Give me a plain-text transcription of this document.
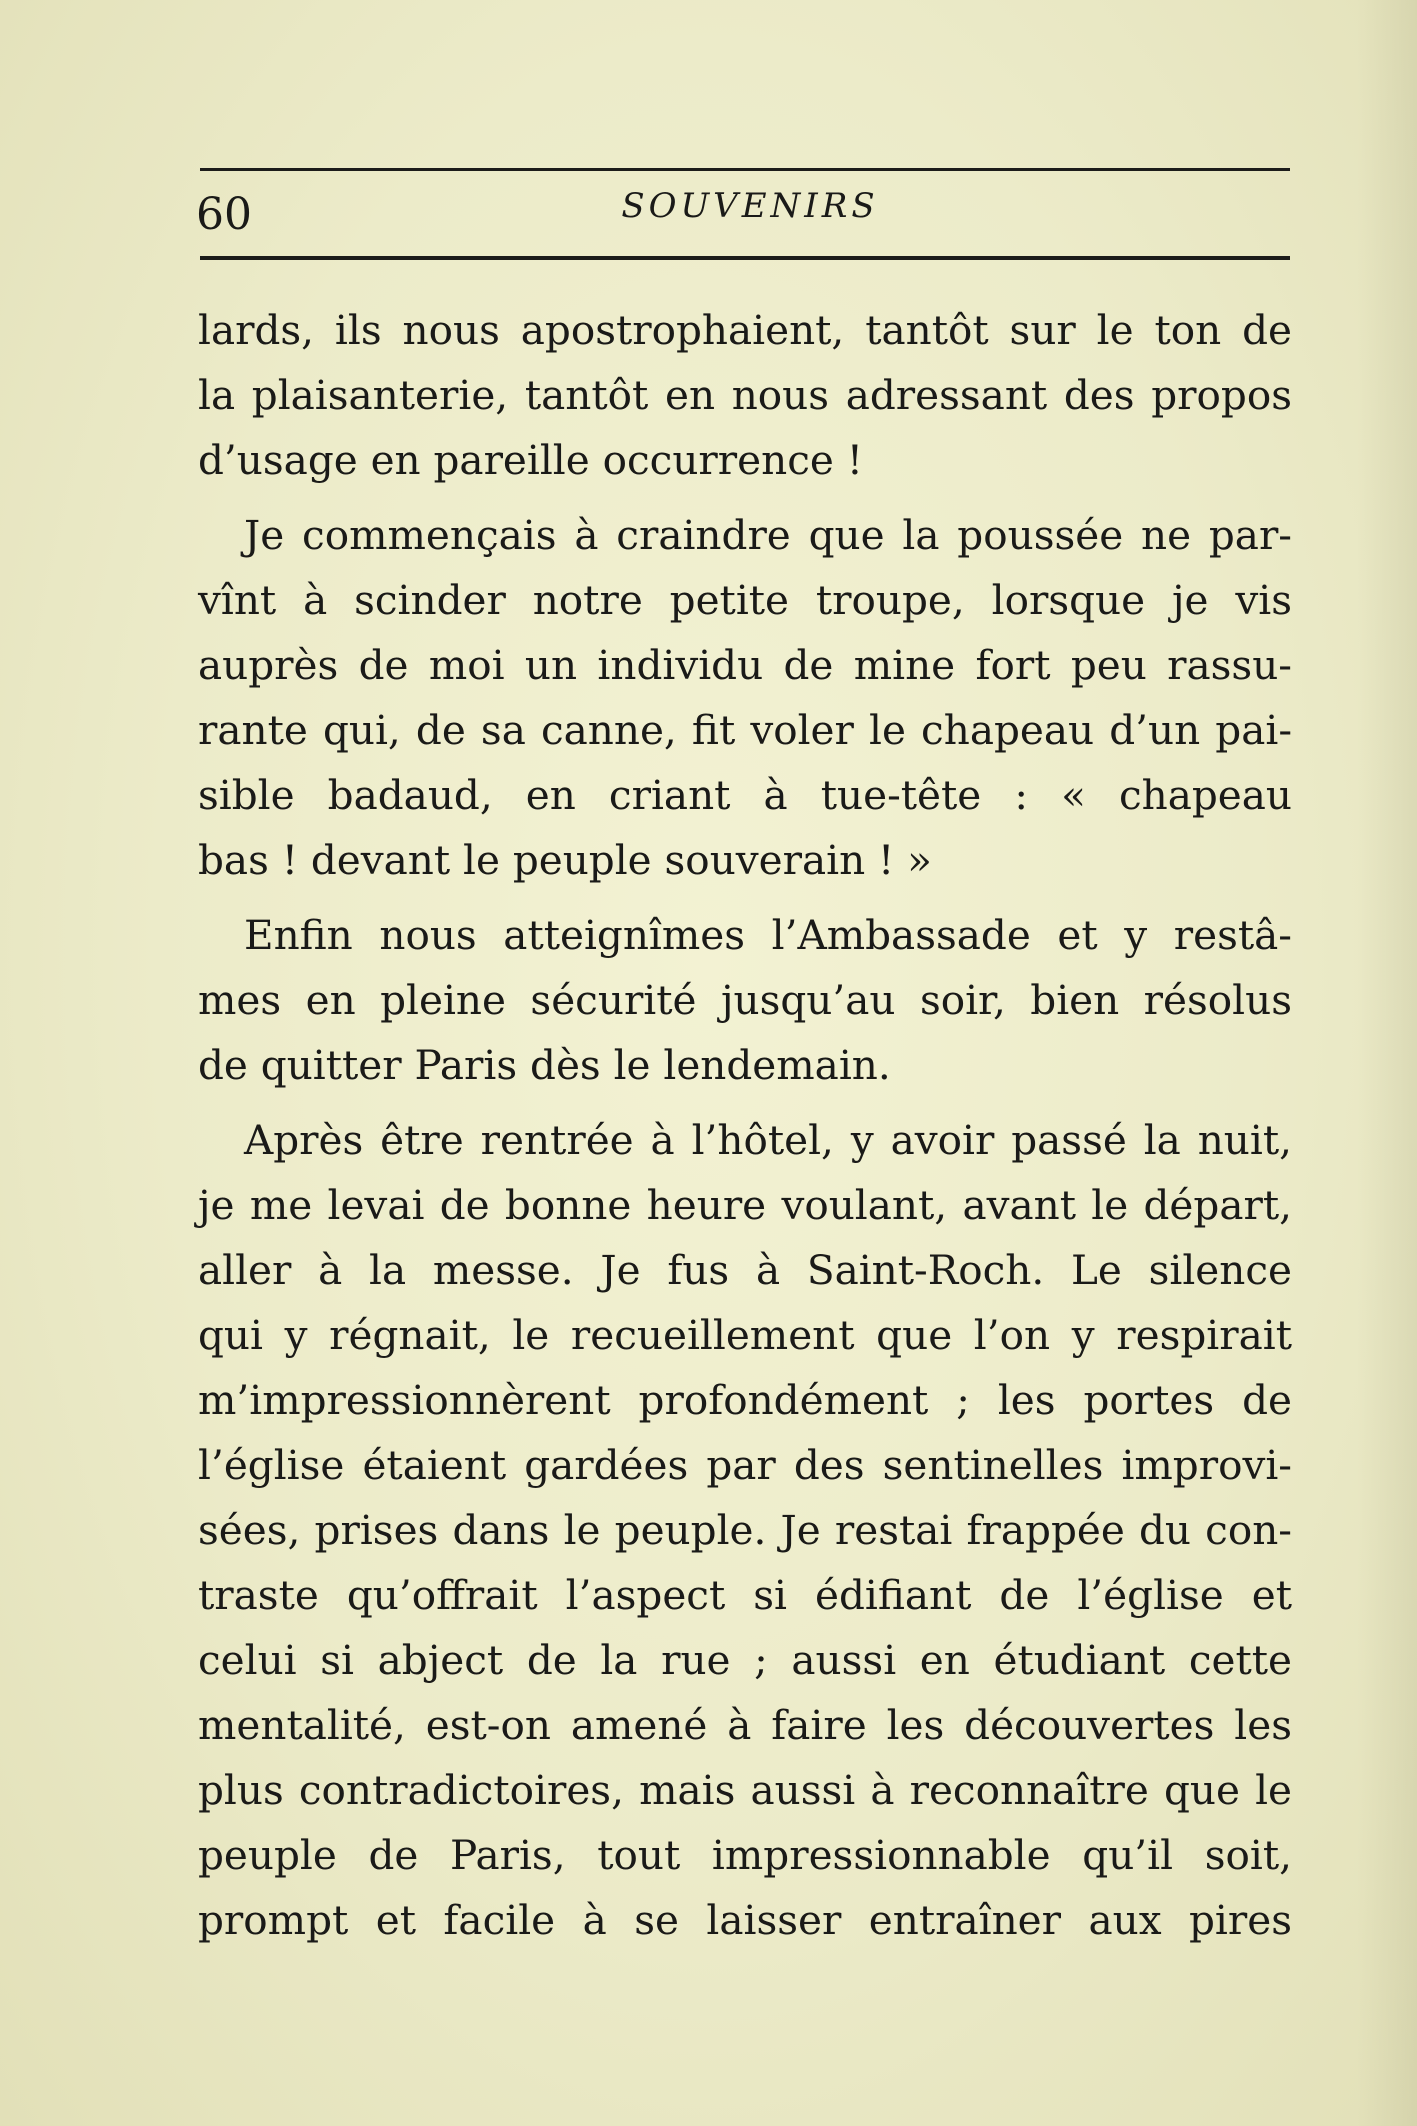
60	SOUVENIRS
lards, ils nous apostrophaient, tantôt sur le ton de
la plaisanterie, tantôt en nous adressant des propos
d’usage en pareille occurrence !
Je commençais à craindre que la poussée ne par-
vînt à scinder notre petite troupe, lorsque je vis
auprès de moi un individu de mine fort peu rassu-
rante qui, de sa canne, fit voler le chapeau d’un pai-
sible badaud, en criant à tue-tête : « chapeau
bas ! devant le peuple souverain ! »
Enfin nous atteignîmes l’Ambassade et y restâ-
mes en pleine sécurité jusqu’au soir, bien résolus
de quitter Paris dès le lendemain.
Après être rentrée à l’hôtel, y avoir passé la nuit,
je me levai de bonne heure voulant, avant le départ,
aller à la messe. Je fus à Saint-Roch. Le silence
qui y régnait, le recueillement que l’on y respirait
m’impressionnèrent profondément ; les portes de
l’église étaient gardées par des sentinelles improvi-
sées, prises dans le peuple. Je restai frappée du con-
traste qu’offrait l’aspect si édifiant de l’église et
celui si abject de la rue ; aussi en étudiant cette
mentalité, est-on amené à faire les découvertes les
plus contradictoires, mais aussi à reconnaître que le
peuple de Paris, tout impressionnable qu’il soit,
prompt et facile à se laisser entraîner aux pires
